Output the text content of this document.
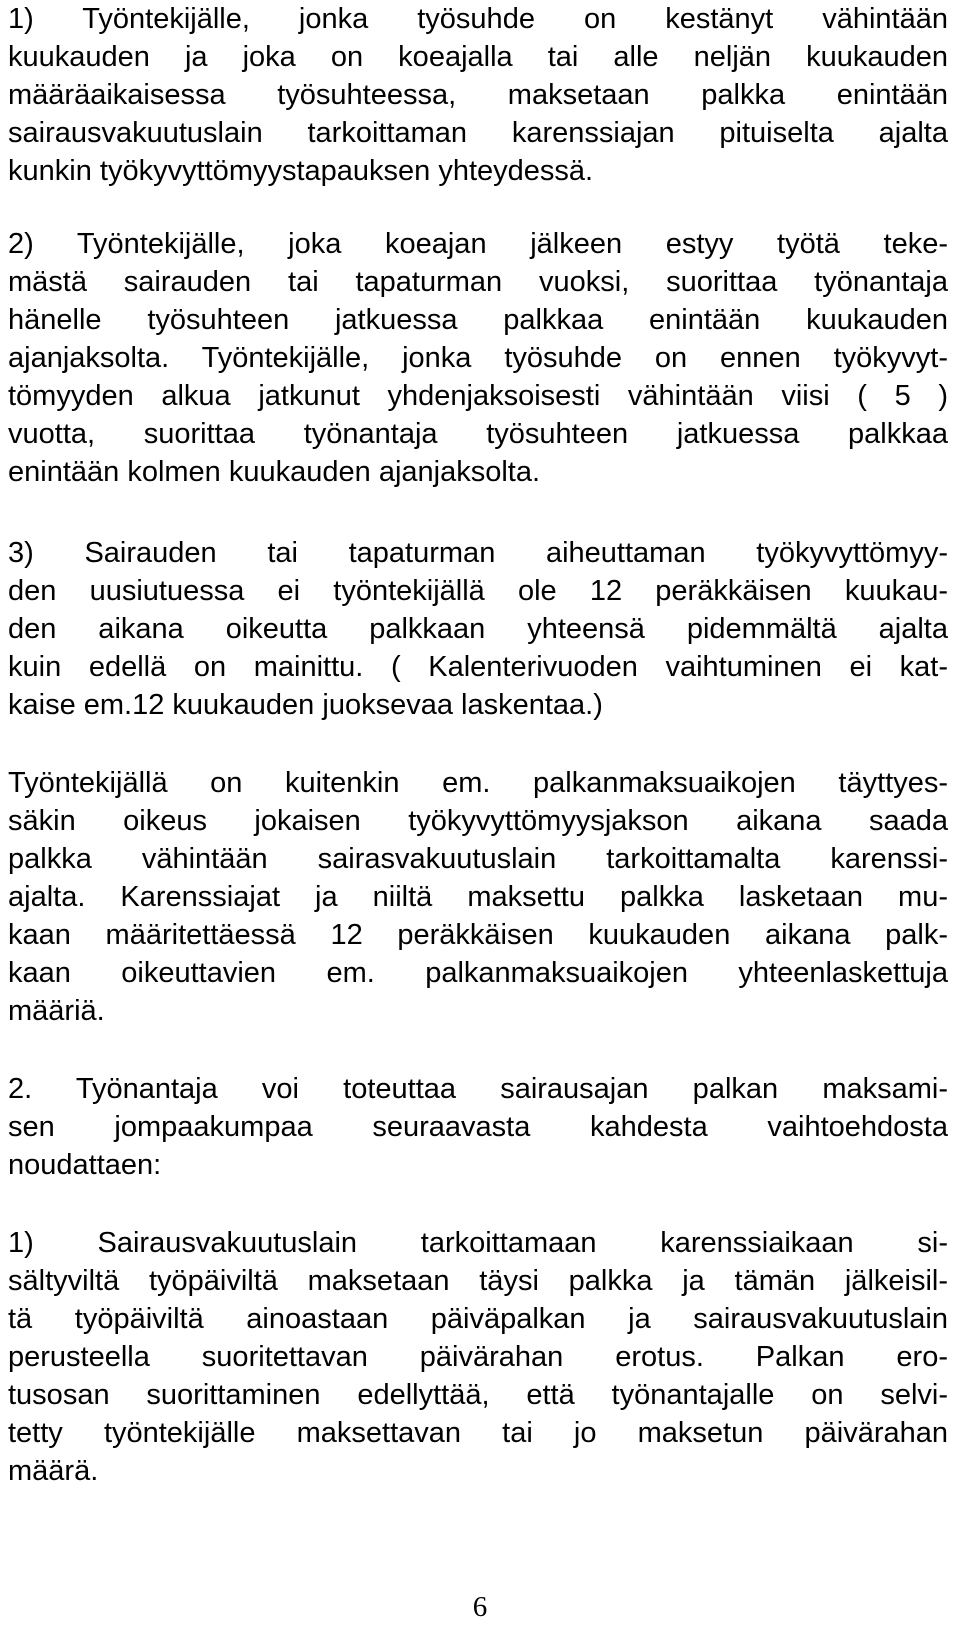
1) Työntekijälle, jonka työsuhde on kestänyt vähintään
kuukauden ja joka on koeajalla tai alle neljän kuukauden
määräaikaisessa työsuhteessa, maksetaan palkka enintään
sairausvakuutuslain tarkoittaman karenssiajan pituiselta ajalta
kunkin työkyvyttömyystapauksen yhteydessä.
2) Työntekijälle, joka koeajan jälkeen estyy työtä teke-
mästä sairauden tai tapaturman vuoksi, suorittaa työnantaja
hänelle työsuhteen jatkuessa palkkaa enintään kuukauden
ajanjaksolta. Työntekijälle, jonka työsuhde on ennen työkyvyt-
tömyyden alkua jatkunut yhdenjaksoisesti vähintään viisi ( 5 )
vuotta, suorittaa työnantaja työsuhteen jatkuessa palkkaa
enintään kolmen kuukauden ajanjaksolta.
3) Sairauden tai tapaturman aiheuttaman työkyvyttömyy-
den uusiutuessa ei työntekijällä ole 12 peräkkäisen kuukau-
den aikana oikeutta palkkaan yhteensä pidemmältä ajalta
kuin edellä on mainittu. ( Kalenterivuoden vaihtuminen ei kat-
kaise em.12 kuukauden juoksevaa laskentaa.)
Työntekijällä on kuitenkin em. palkanmaksuaikojen täyttyes-
säkin oikeus jokaisen työkyvyttömyysjakson aikana saada
palkka vähintään sairasvakuutuslain tarkoittamalta karenssi-
ajalta. Karenssiajat ja niiltä maksettu palkka lasketaan mu-
kaan määritettäessä 12 peräkkäisen kuukauden aikana palk-
kaan oikeuttavien em. palkanmaksuaikojen yhteenlaskettuja
määriä.
2. Työnantaja voi toteuttaa sairausajan palkan maksami-
sen jompaakumpaa seuraavasta kahdesta vaihtoehdosta
noudattaen:
1) Sairausvakuutuslain tarkoittamaan karenssiaikaan si-
sältyviltä työpäiviltä maksetaan täysi palkka ja tämän jälkeisil-
tä työpäiviltä ainoastaan päiväpalkan ja sairausvakuutuslain
perusteella suoritettavan päivärahan erotus. Palkan ero-
tusosan suorittaminen edellyttää, että työnantajalle on selvi-
tetty työntekijälle maksettavan tai jo maksetun päivärahan
määrä.
6
